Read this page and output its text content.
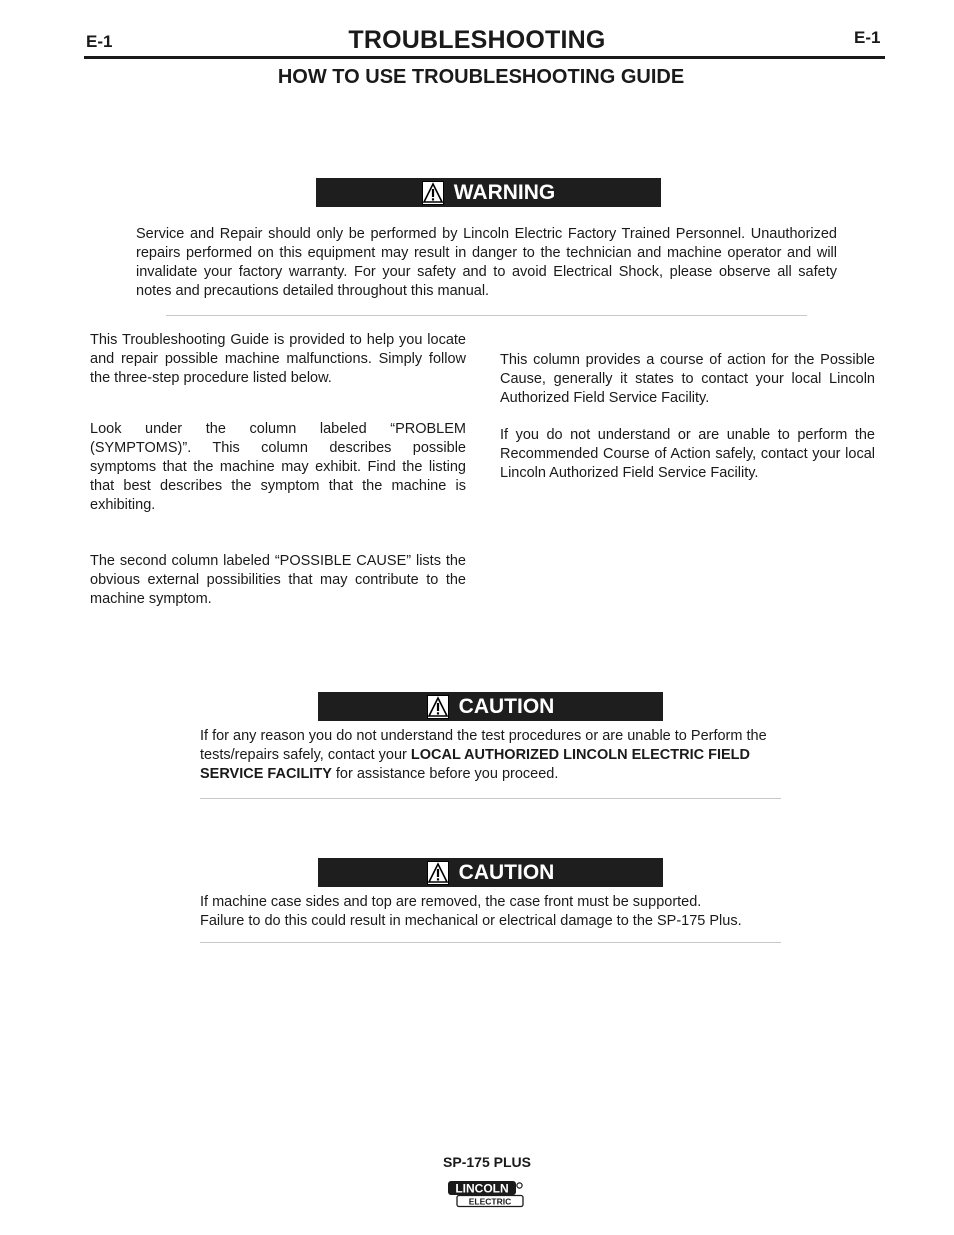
E-1	E-1
TROUBLESHOOTING
HOW TO USE TROUBLESHOOTING GUIDE
WARNING
Service and Repair should only be performed by Lincoln Electric Factory Trained Personnel. Unauthorized repairs performed on this equipment may result in danger to the technician and machine operator and will invalidate your factory warranty. For your safety and to avoid Electrical Shock, please observe all safety notes and precautions detailed throughout this manual.
This Troubleshooting Guide is provided to help you locate and repair possible machine malfunctions. Simply follow the three-step procedure listed below.
Look under the column labeled “PROBLEM (SYMPTOMS)”. This column describes possible symptoms that the machine may exhibit. Find the listing that best describes the symptom that the machine is exhibiting.
The second column labeled “POSSIBLE CAUSE” lists the obvious external possibilities that may contribute to the machine symptom.
This column provides a course of action for the Possible Cause, generally it states to contact your local Lincoln Authorized Field Service Facility.
If you do not understand or are unable to perform the Recommended Course of Action safely, contact your local Lincoln Authorized Field Service Facility.
CAUTION
If for any reason you do not understand the test procedures or are unable to Perform the tests/repairs safely, contact your LOCAL AUTHORIZED LINCOLN ELECTRIC FIELD SERVICE FACILITY for assistance before you proceed.
CAUTION
If machine case sides and top are removed, the case front must be supported.
Failure to do this could result in mechanical or electrical damage to the SP-175 Plus.
SP-175 PLUS
LINCOLN
ELECTRIC
